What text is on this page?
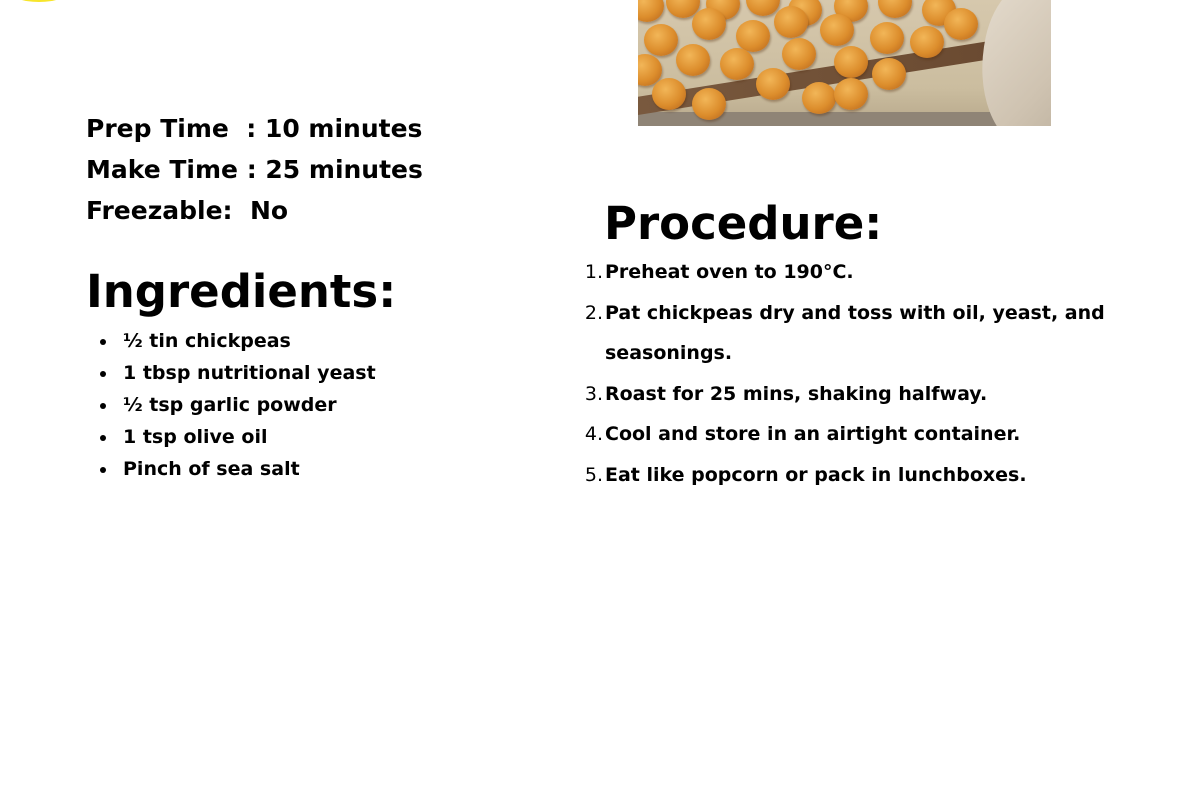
Prep Time  : 10 minutes
Make Time : 25 minutes
Freezable:  No
Ingredients:
½ tin chickpeas
1 tbsp nutritional yeast
½ tsp garlic powder
1 tsp olive oil
Pinch of sea salt
Procedure:
1. Preheat oven to 190°C.
2. Pat chickpeas dry and toss with oil, yeast, and seasonings.
3. Roast for 25 mins, shaking halfway.
4. Cool and store in an airtight container.
5. Eat like popcorn or pack in lunchboxes.
